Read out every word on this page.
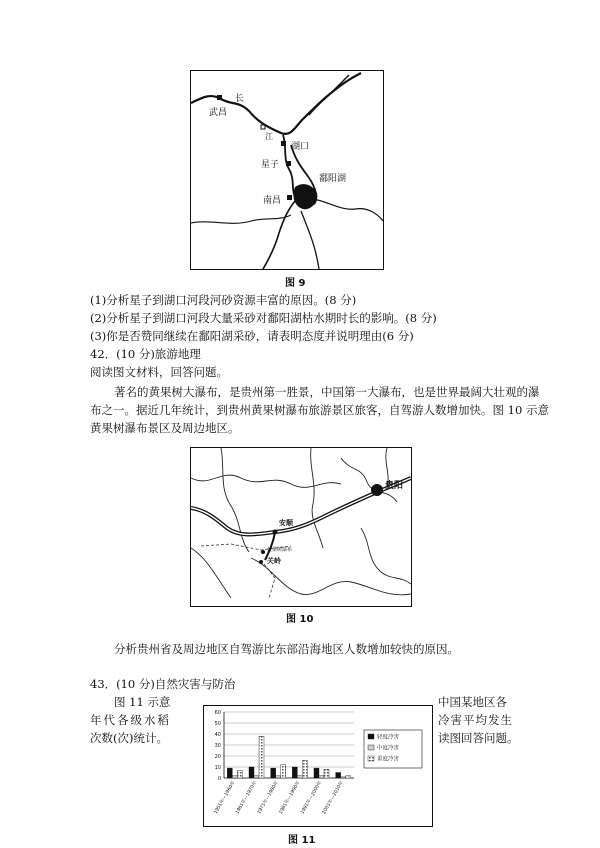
武昌
长
江
湖口
星子
鄱阳湖
南昌
图 9
(1)分析星子到湖口河段河砂资源丰富的原因。(8 分)
(2)分析星子到湖口河段大量采砂对鄱阳湖枯水期时长的影响。(8 分)
(3)你是否赞同继续在鄱阳湖采砂，请表明态度并说明理由(6 分)
42．(10 分)旅游地理
阅读图文材料，回答问题。
著名的黄果树大瀑布，是贵州第一胜景，中国第一大瀑布，也是世界最阔大壮观的瀑
布之一。据近几年统计，到贵州黄果树瀑布旅游景区旅客，自驾游人数增加快。图 10 示意
黄果树瀑布景区及周边地区。
贵阳
安顺
黄果树瀑布
关岭
图 10
分析贵州省及周边地区自驾游比东部沿海地区人数增加较快的原因。
43．(10 分)自然灾害与防治
图 11 示意
年代各级水稻
次数(次)统计。
中国某地区各
冷害平均发生
读图回答问题。
0
10
20
30
40
50
60
1951年—1960年
1961年—1970年
1971年—1980年
1981年—1990年
1991年—2000年
2001年—2010年
轻度冷害
中度冷害
重度冷害
图 11
